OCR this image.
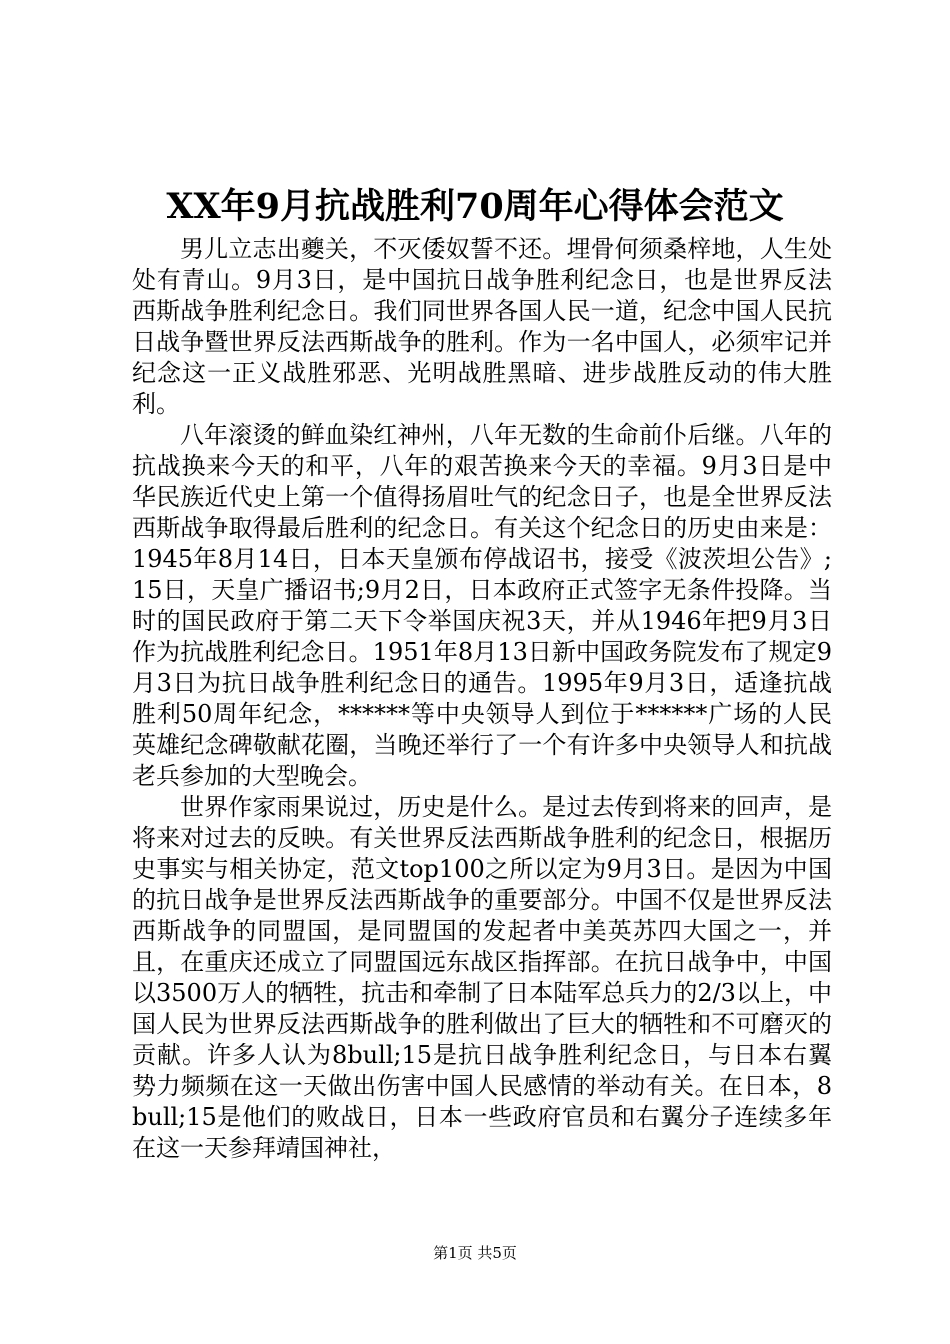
XX年9月抗战胜利70周年心得体会范文

男儿立志出夔关，不灭倭奴誓不还。埋骨何须桑梓地，人生处处有青山。9月3日，是中国抗日战争胜利纪念日，也是世界反法西斯战争胜利纪念日。我们同世界各国人民一道，纪念中国人民抗日战争暨世界反法西斯战争的胜利。作为一名中国人，必须牢记并纪念这一正义战胜邪恶、光明战胜黑暗、进步战胜反动的伟大胜利。

八年滚烫的鲜血染红神州，八年无数的生命前仆后继。八年的抗战换来今天的和平，八年的艰苦换来今天的幸福。9月3日是中华民族近代史上第一个值得扬眉吐气的纪念日子，也是全世界反法西斯战争取得最后胜利的纪念日。有关这个纪念日的历史由来是：1945年8月14日，日本天皇颁布停战诏书，接受《波茨坦公告》;15日，天皇广播诏书;9月2日，日本政府正式签字无条件投降。当时的国民政府于第二天下令举国庆祝3天，并从1946年把9月3日作为抗战胜利纪念日。1951年8月13日新中国政务院发布了规定9月3日为抗日战争胜利纪念日的通告。1995年9月3日，适逢抗战胜利50周年纪念，******等中央领导人到位于******广场的人民英雄纪念碑敬献花圈，当晚还举行了一个有许多中央领导人和抗战老兵参加的大型晚会。

世界作家雨果说过，历史是什么。是过去传到将来的回声，是将来对过去的反映。有关世界反法西斯战争胜利的纪念日，根据历史事实与相关协定，范文top100之所以定为9月3日。是因为中国的抗日战争是世界反法西斯战争的重要部分。中国不仅是世界反法西斯战争的同盟国，是同盟国的发起者中美英苏四大国之一，并且，在重庆还成立了同盟国远东战区指挥部。在抗日战争中，中国以3500万人的牺牲，抗击和牵制了日本陆军总兵力的2/3以上，中国人民为世界反法西斯战争的胜利做出了巨大的牺牲和不可磨灭的贡献。许多人认为8bull;15是抗日战争胜利纪念日，与日本右翼势力频频在这一天做出伤害中国人民感情的举动有关。在日本，8bull;15是他们的败战日，日本一些政府官员和右翼分子连续多年在这一天参拜靖国神社，

第1页 共5页
